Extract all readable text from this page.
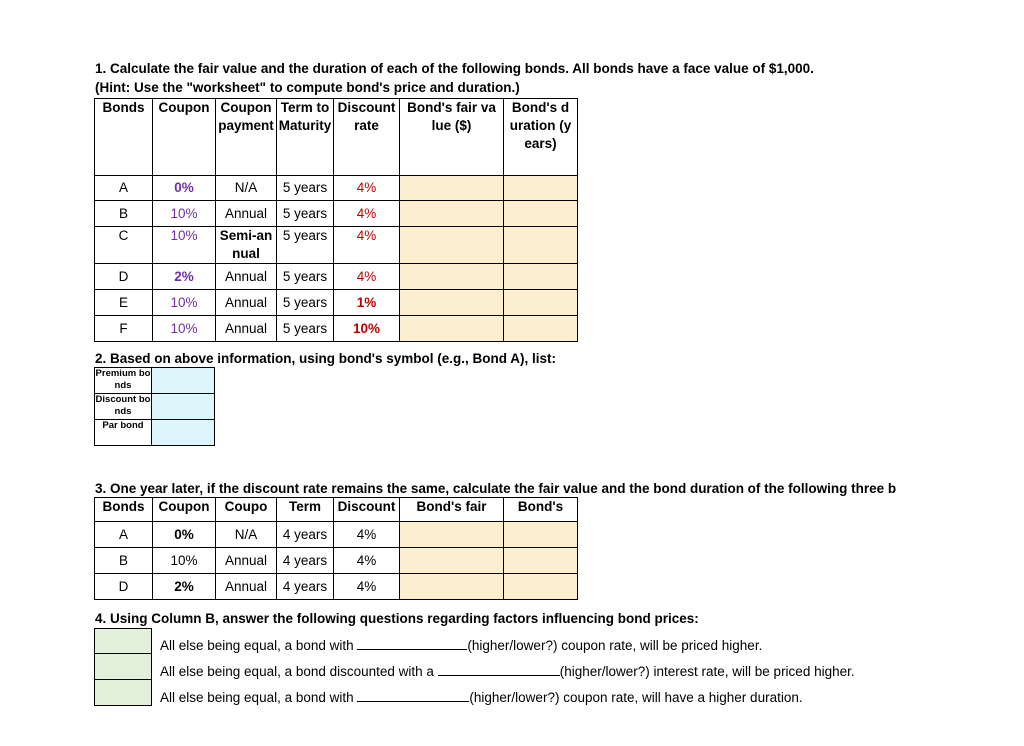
1. Calculate the fair value and the duration of each of the following bonds. All bonds have a face value of $1,000.
(Hint: Use the "worksheet" to compute bond's price and duration.)
Bonds	Coupon	Coupon payment	Term to Maturity	Discount rate	Bond's fair value ($)	Bond's duration (years)
A	0%	N/A	5 years	4%		
B	10%	Annual	5 years	4%		
C	10%	Semi-annual	5 years	4%		
D	2%	Annual	5 years	4%		
E	10%	Annual	5 years	1%		
F	10%	Annual	5 years	10%		
2. Based on above information, using bond's symbol (e.g., Bond A), list:
Premium bonds	
Discount bonds	
Par bond	
3. One year later, if the discount rate remains the same, calculate the fair value and the bond duration of the following three b
Bonds	Coupon	Coupo	Term	Discount	Bond's fair	Bond's
A	0%	N/A	4 years	4%		
B	10%	Annual	4 years	4%		
D	2%	Annual	4 years	4%		
4. Using Column B, answer the following questions regarding factors influencing bond prices:

All else being equal, a bond with	(higher/lower?) coupon rate, will be priced higher.
All else being equal, a bond discounted with a	(higher/lower?) interest rate, will be priced higher.
All else being equal, a bond with	(higher/lower?) coupon rate, will have a higher duration.
